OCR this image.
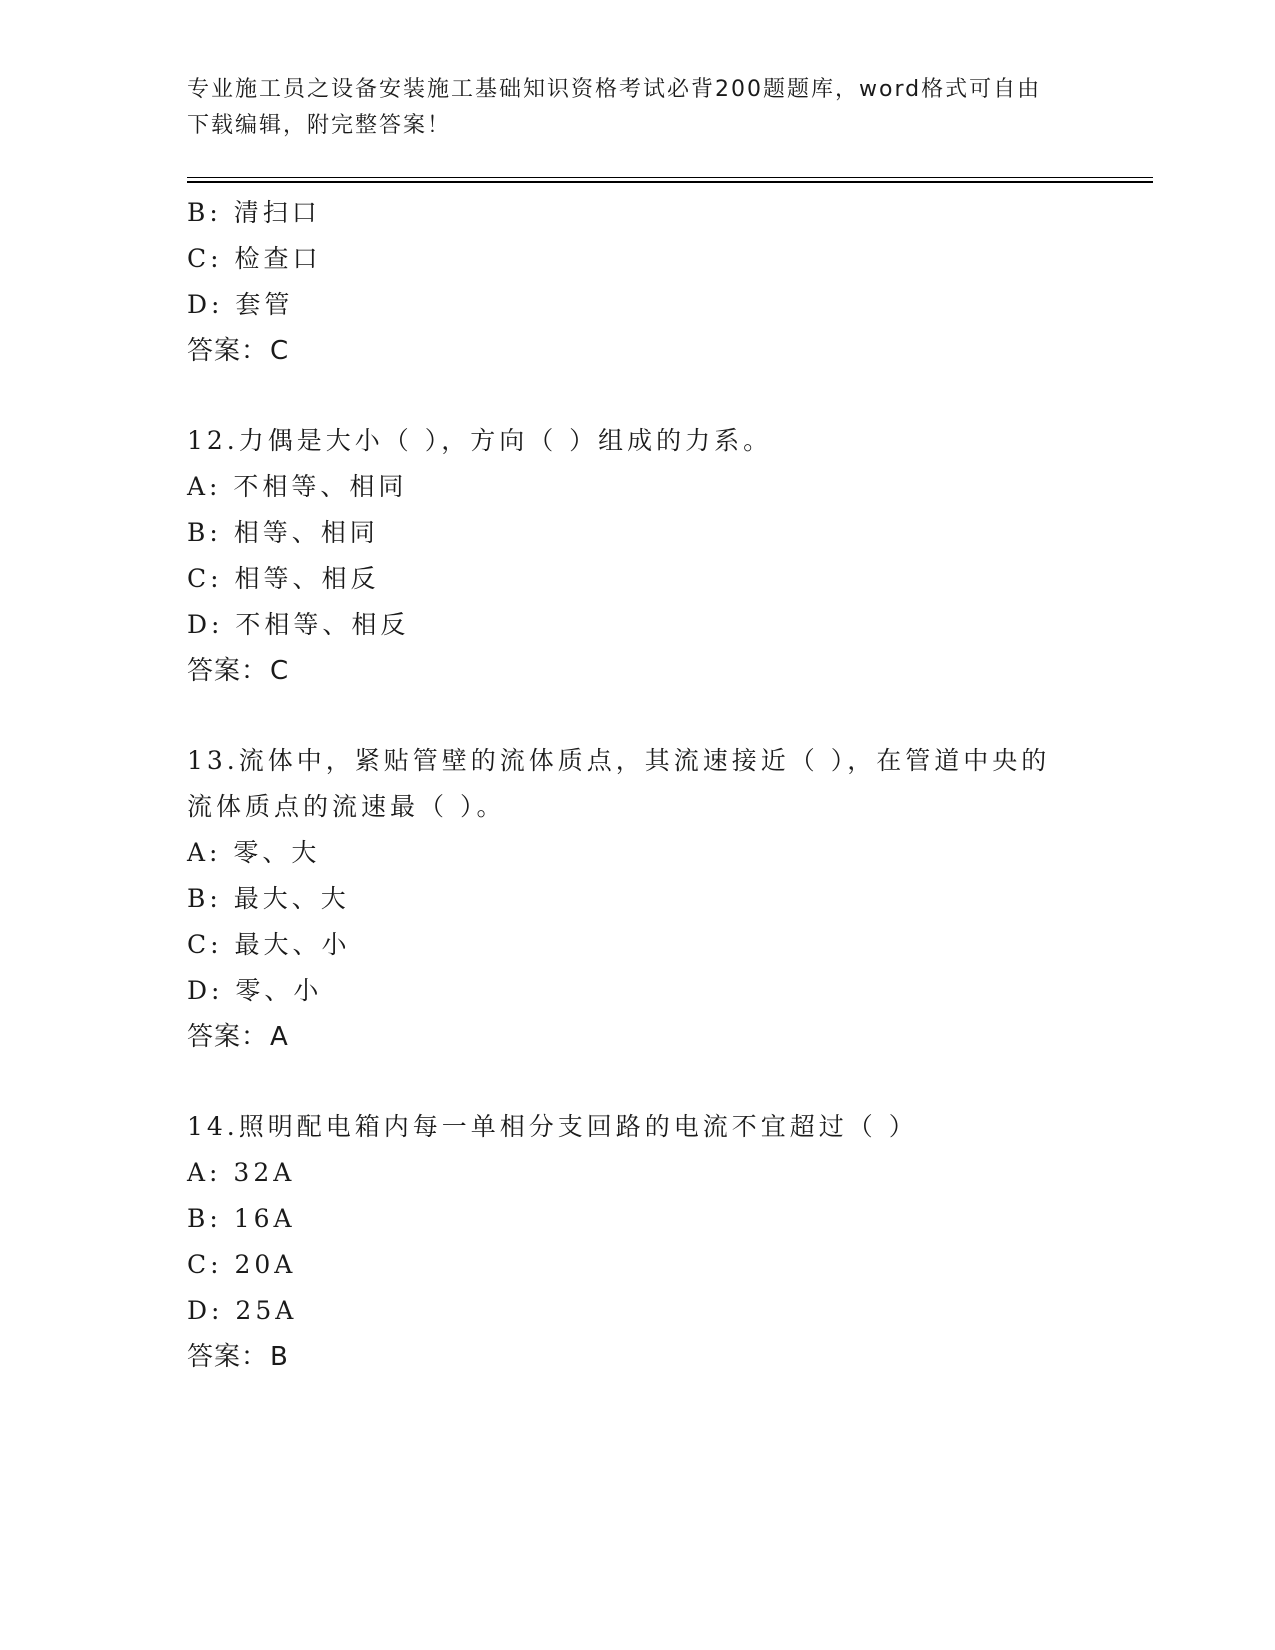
专业施工员之设备安装施工基础知识资格考试必背200题题库，word格式可自由
下载编辑，附完整答案！
B: 清扫口
C: 检查口
D: 套管
答案：C
12.力偶是大小（ ），方向（ ）组成的力系。
A: 不相等、相同
B: 相等、相同
C: 相等、相反
D: 不相等、相反
答案：C
13.流体中，紧贴管壁的流体质点，其流速接近（ ），在管道中央的
流体质点的流速最（ ）。
A: 零、大
B: 最大、大
C: 最大、小
D: 零、小
答案：A
14.照明配电箱内每一单相分支回路的电流不宜超过（ ）
A: 32A
B: 16A
C: 20A
D: 25A
答案：B
